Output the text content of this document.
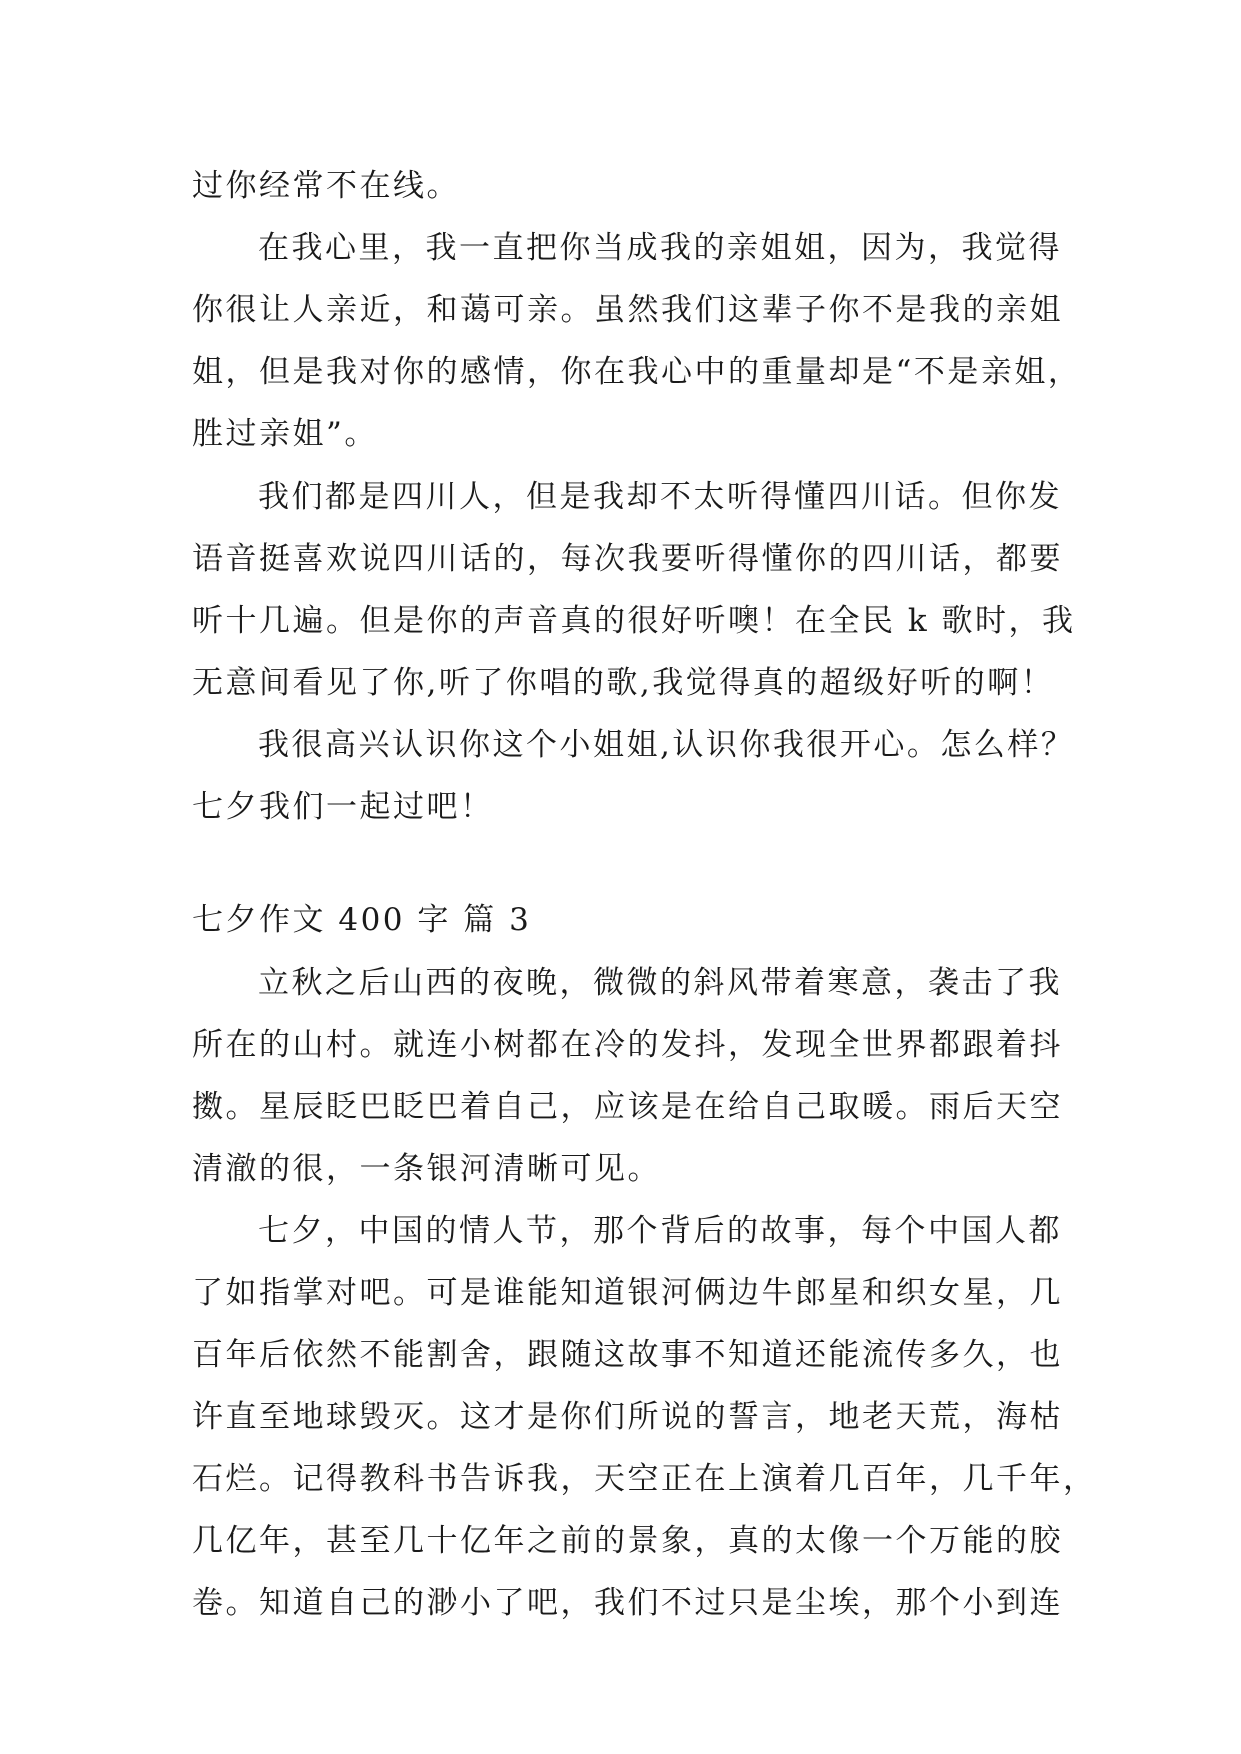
过你经常不在线。
在我心里，我一直把你当成我的亲姐姐，因为，我觉得
你很让人亲近，和蔼可亲。虽然我们这辈子你不是我的亲姐
姐，但是我对你的感情，你在我心中的重量却是“不是亲姐，
胜过亲姐”。
我们都是四川人，但是我却不太听得懂四川话。但你发
语音挺喜欢说四川话的，每次我要听得懂你的四川话，都要
听十几遍。但是你的声音真的很好听噢！在全民 k 歌时，我
无意间看见了你,听了你唱的歌,我觉得真的超级好听的啊！
我很高兴认识你这个小姐姐,认识你我很开心。怎么样？
七夕我们一起过吧！
七夕作文 400 字 篇 3
立秋之后山西的夜晚，微微的斜风带着寒意，袭击了我
所在的山村。就连小树都在冷的发抖，发现全世界都跟着抖
擞。星辰眨巴眨巴着自己，应该是在给自己取暖。雨后天空
清澈的很，一条银河清晰可见。
七夕，中国的情人节，那个背后的故事，每个中国人都
了如指掌对吧。可是谁能知道银河俩边牛郎星和织女星，几
百年后依然不能割舍，跟随这故事不知道还能流传多久，也
许直至地球毁灭。这才是你们所说的誓言，地老天荒，海枯
石烂。记得教科书告诉我，天空正在上演着几百年，几千年，
几亿年，甚至几十亿年之前的景象，真的太像一个万能的胶
卷。知道自己的渺小了吧，我们不过只是尘埃，那个小到连
